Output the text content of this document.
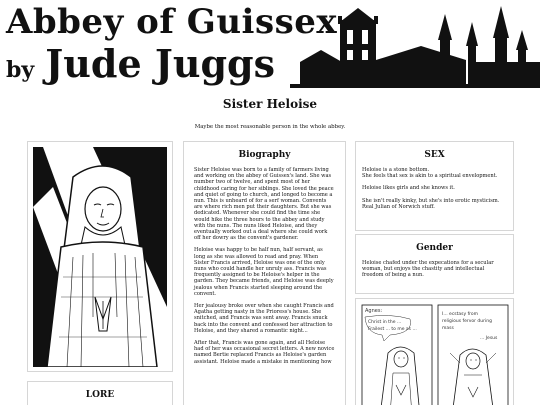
Abbey of Guissex
by Jude Juggs
Sister Heloise
Maybe the most reasonable person in the whole abbey.
LORE
Biography

Sister Heloise was born to a family of farmers living and working on the abbey of Guissex's land. She was number two of twelve, and spent most of her childhood caring for her siblings. She loved the peace and quiet of going to church, and longed to become a nun. This is unheard of for a serf woman. Convents are where rich men put their daughters. But she was dedicated. Whenever she could find the time she would hike the three hours to the abbey and study with the nuns. The nuns liked Heloise, and they eventually worked out a deal where she could work off her dowry as the convent's gardener.

Heloise was happy to be half nun, half servant, as long as she was allowed to read and pray. When Sister Francis arrived, Heloise was one of the only nuns who could handle her unruly ass. Francis was frequently assigned to be Heloise's helper in the garden. They became friends, and Heloise was deeply jealous when Francis started sleeping around the convent.

Her jealousy broke over when she caught Francis and Agatha getting nasty in the Prioress's house. She snitched, and Francis was sent away. Francis snuck back into the convent and confessed her attraction to Heloise, and they shared a romantic night...

After that, Francis was gone again, and all Heloise had of her was occasional secret letters. A new novice named Bertie replaced Francis as Heloise's garden assistant. Heloise made a mistake in mentioning how

SEX

Heloise is a stone bottom.
She feels that sex is akin to a spiritual envelopment.

Heloise likes girls and she knows it.

She isn't really kinky, but she's into erotic mysticism. Real Julian of Norwich stuff.

Gender

Heloise chafed under the expecations for a secular woman, but enjoys the chastity and intellectual freedom of being a nun.

Agnes:
Christ in the ...
Frailest ... to me as ...
I... ecstasy from
religious fervor during
mass
... Jesus
